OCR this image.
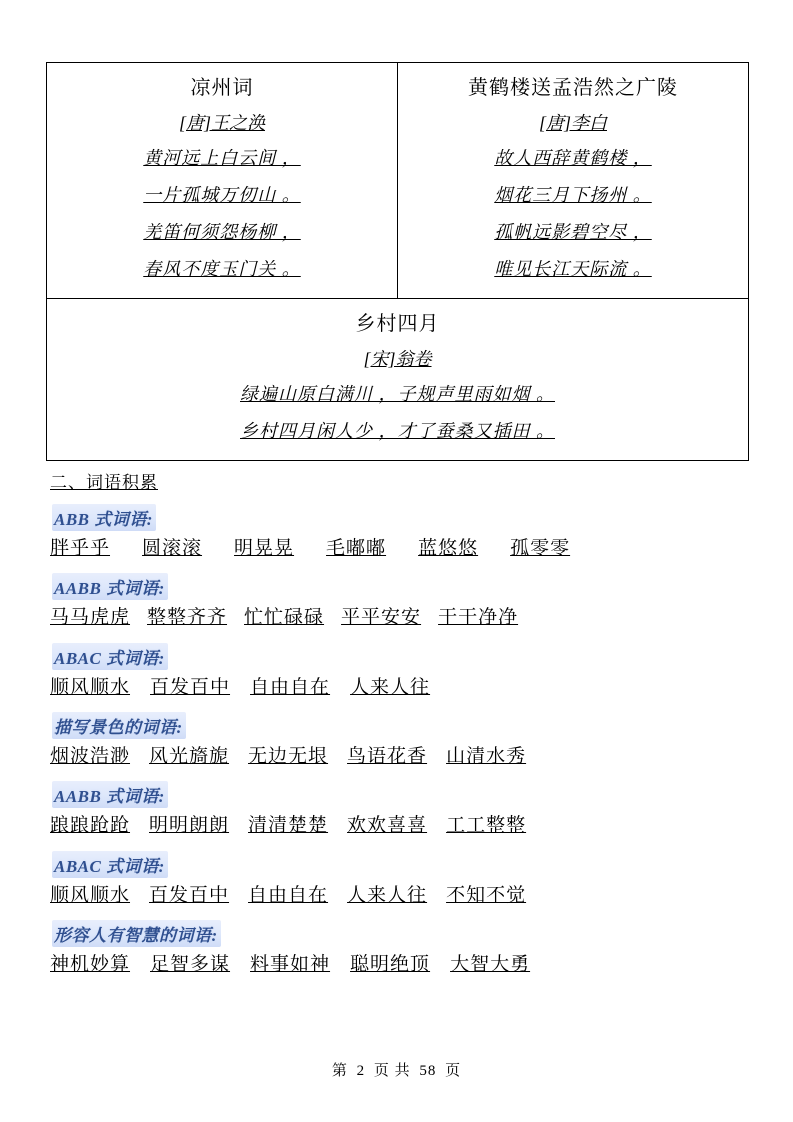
凉州词
[唐]王之涣
黄河远上白云间 ，
一片孤城万仞山 。
羌笛何须怨杨柳 ，
春风不度玉门关 。

黄鹤楼送孟浩然之广陵
[唐]李白
故人西辞黄鹤楼 ，
烟花三月下扬州 。
孤帆远影碧空尽 ，
唯见长江天际流 。

乡村四月
[宋]翁卷
绿遍山原白满川 ，子规声里雨如烟 。
乡村四月闲人少 ，才了蚕桑又插田 。
二、词语积累
ABB 式词语:
胖乎乎 圆滚滚 明晃晃 毛嘟嘟 蓝悠悠 孤零零
AABB 式词语:
马马虎虎 整整齐齐 忙忙碌碌 平平安安 干干净净
ABAC 式词语:
顺风顺水 百发百中 自由自在 人来人往
描写景色的词语:
烟波浩渺 风光旖旎 无边无垠 鸟语花香 山清水秀
AABB 式词语:
踉踉跄跄 明明朗朗 清清楚楚 欢欢喜喜 工工整整
ABAC 式词语:
顺风顺水 百发百中 自由自在 人来人往 不知不觉
形容人有智慧的词语:
神机妙算 足智多谋 料事如神 聪明绝顶 大智大勇
第 2 页 共 58 页
